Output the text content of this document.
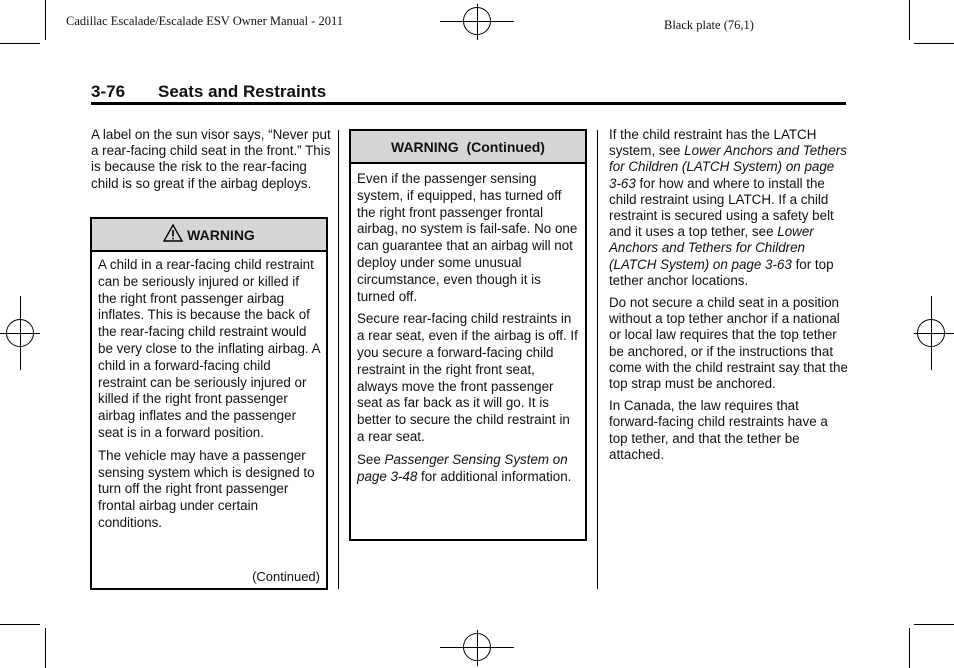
Cadillac Escalade/Escalade ESV Owner Manual - 2011	Black plate (76,1)
3-76 Seats and Restraints

A label on the sun visor says, “Never put a rear-facing child seat in the front.” This is because the risk to the rear-facing child is so great if the airbag deploys.

WARNING

A child in a rear-facing child restraint can be seriously injured or killed if the right front passenger airbag inflates. This is because the back of the rear-facing child restraint would be very close to the inflating airbag. A child in a forward-facing child restraint can be seriously injured or killed if the right front passenger airbag inflates and the passenger seat is in a forward position.

The vehicle may have a passenger sensing system which is designed to turn off the right front passenger frontal airbag under certain conditions.

(Continued)
WARNING  (Continued)

Even if the passenger sensing system, if equipped, has turned off the right front passenger frontal airbag, no system is fail-safe. No one can guarantee that an airbag will not deploy under some unusual circumstance, even though it is turned off.

Secure rear-facing child restraints in a rear seat, even if the airbag is off. If you secure a forward-facing child restraint in the right front seat, always move the front passenger seat as far back as it will go. It is better to secure the child restraint in a rear seat.

See Passenger Sensing System on page 3-48 for additional information.

If the child restraint has the LATCH system, see Lower Anchors and Tethers for Children (LATCH System) on page 3-63 for how and where to install the child restraint using LATCH. If a child restraint is secured using a safety belt and it uses a top tether, see Lower Anchors and Tethers for Children (LATCH System) on page 3-63 for top tether anchor locations.

Do not secure a child seat in a position without a top tether anchor if a national or local law requires that the top tether be anchored, or if the instructions that come with the child restraint say that the top strap must be anchored.

In Canada, the law requires that forward-facing child restraints have a top tether, and that the tether be attached.
